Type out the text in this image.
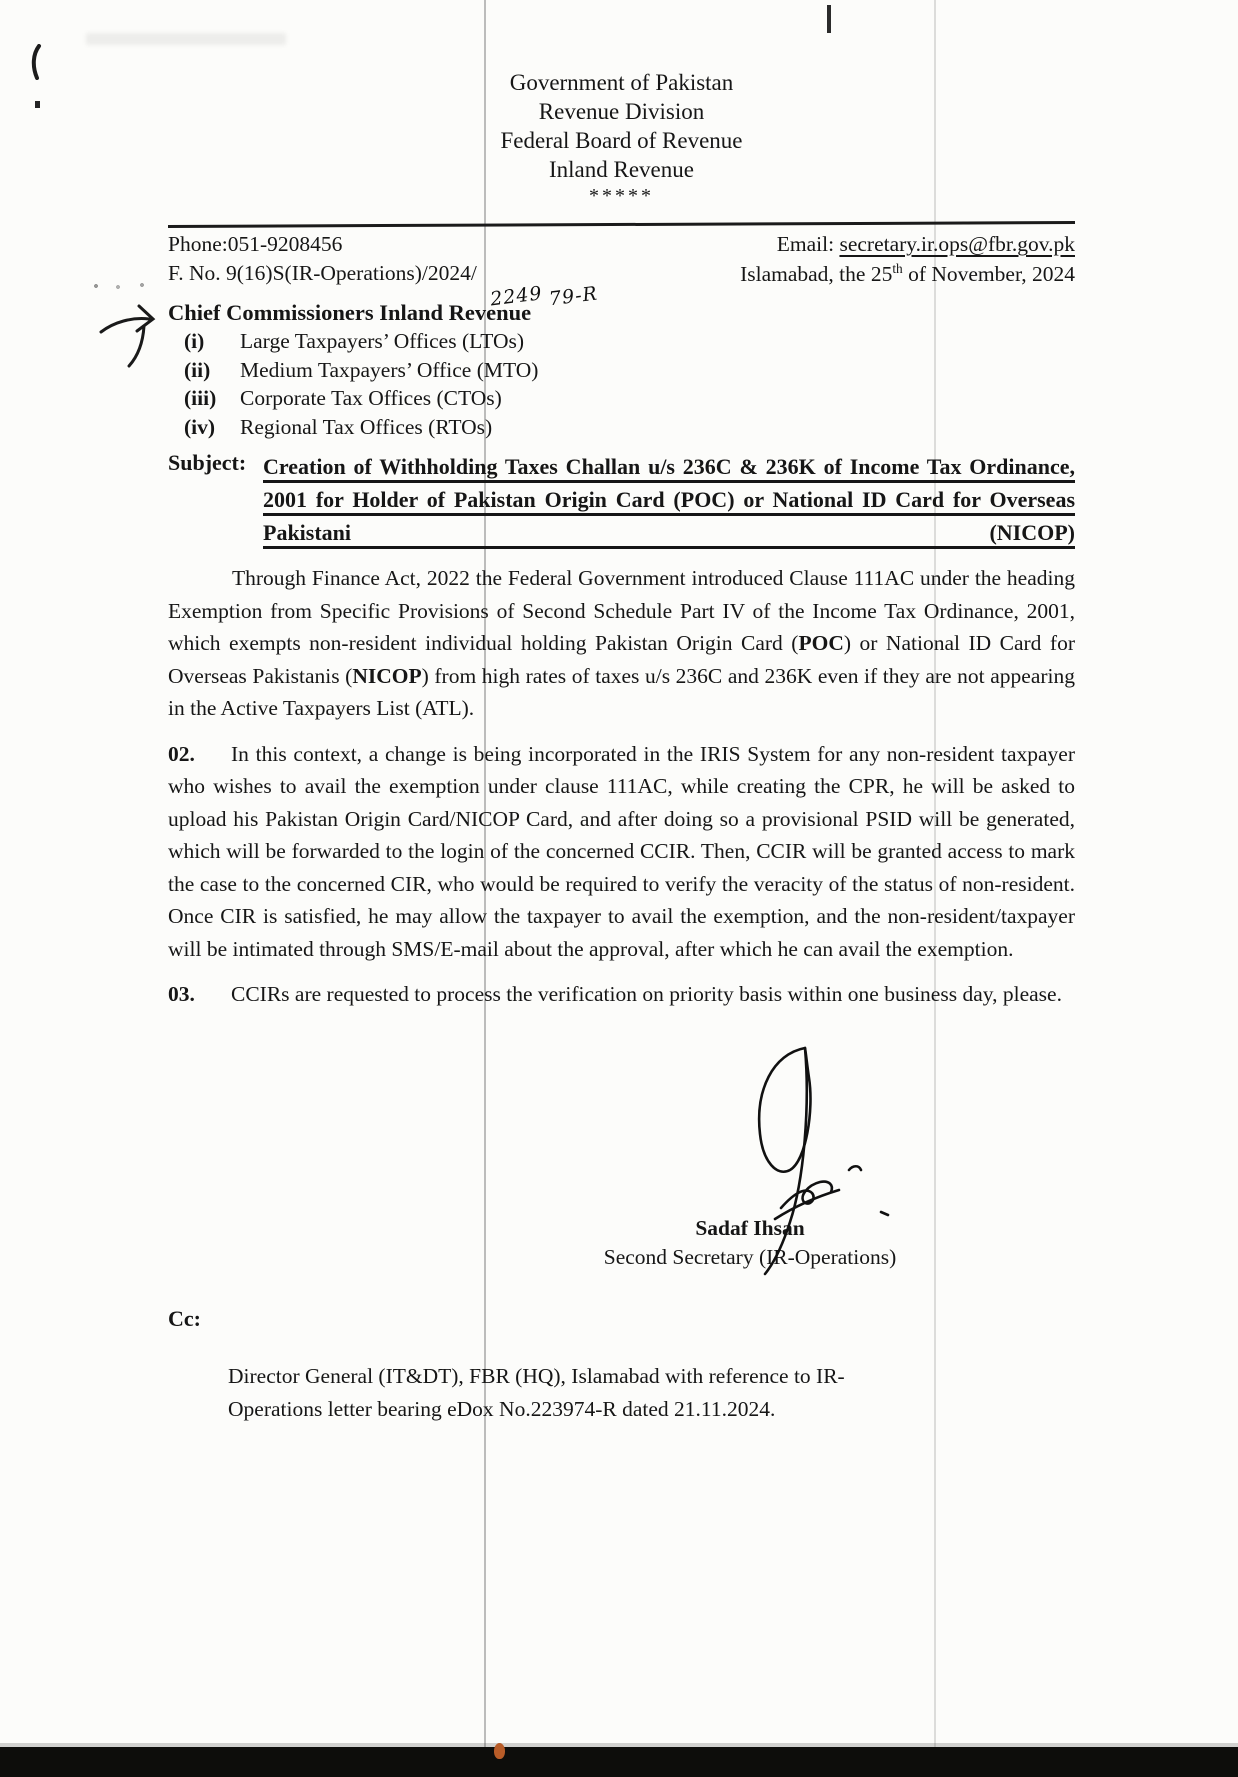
Government of Pakistan
Revenue Division
Federal Board of Revenue
Inland Revenue
*****
Phone:051-9208456	Email: secretary.ir.ops@fbr.gov.pk
F. No. 9(16)S(IR-Operations)/2024/
2249 79-R
Islamabad, the 25th of November, 2024
Chief Commissioners Inland Revenue
(i)	Large Taxpayers’ Offices (LTOs)
(ii)	Medium Taxpayers’ Office (MTO)
(iii)	Corporate Tax Offices (CTOs)
(iv)	Regional Tax Offices (RTOs)
Subject: Creation of Withholding Taxes Challan u/s 236C & 236K of Income Tax Ordinance, 2001 for Holder of Pakistan Origin Card (POC) or National ID Card for Overseas Pakistani (NICOP)
Through Finance Act, 2022 the Federal Government introduced Clause 111AC under the heading Exemption from Specific Provisions of Second Schedule Part IV of the Income Tax Ordinance, 2001, which exempts non-resident individual holding Pakistan Origin Card (POC) or National ID Card for Overseas Pakistanis (NICOP) from high rates of taxes u/s 236C and 236K even if they are not appearing in the Active Taxpayers List (ATL).
02. In this context, a change is being incorporated in the IRIS System for any non-resident taxpayer who wishes to avail the exemption under clause 111AC, while creating the CPR, he will be asked to upload his Pakistan Origin Card/NICOP Card, and after doing so a provisional PSID will be generated, which will be forwarded to the login of the concerned CCIR. Then, CCIR will be granted access to mark the case to the concerned CIR, who would be required to verify the veracity of the status of non-resident. Once CIR is satisfied, he may allow the taxpayer to avail the exemption, and the non-resident/taxpayer will be intimated through SMS/E-mail about the approval, after which he can avail the exemption.
03. CCIRs are requested to process the verification on priority basis within one business day, please.
Sadaf Ihsan
Second Secretary (IR-Operations)
Cc:
Director General (IT&DT), FBR (HQ), Islamabad with reference to IR-Operations letter bearing eDox No.223974-R dated 21.11.2024.
